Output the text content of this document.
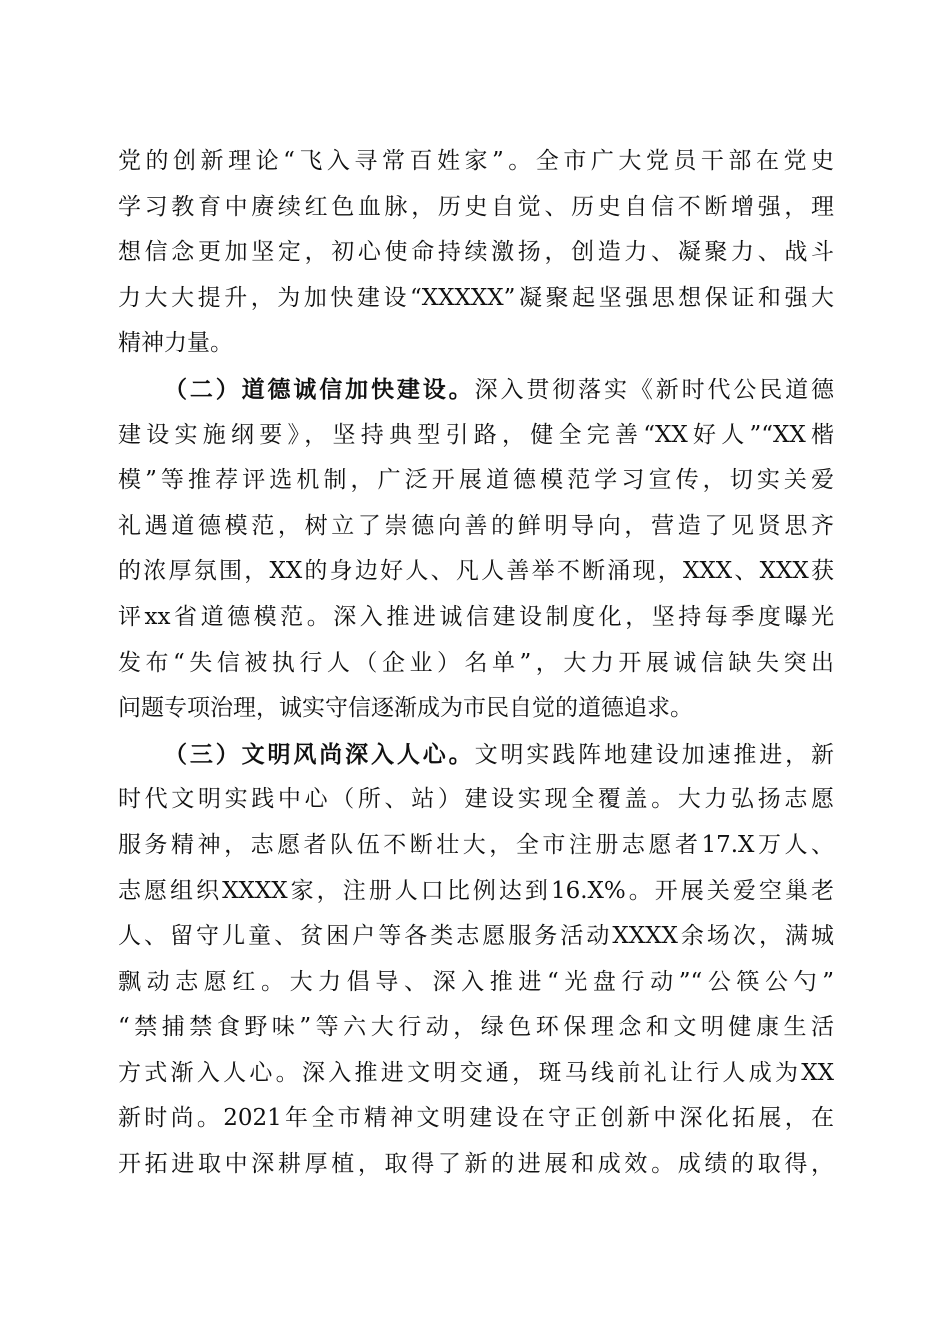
党的创新理论“飞入寻常百姓家”。全市广大党员干部在党史
学习教育中赓续红色血脉，历史自觉、历史自信不断增强，理
想信念更加坚定，初心使命持续激扬，创造力、凝聚力、战斗
力大大提升，为加快建设“XXXXX”凝聚起坚强思想保证和强大
精神力量。
（二）道德诚信加快建设。深入贯彻落实《新时代公民道德
建设实施纲要》，坚持典型引路，健全完善“XX好人”“XX楷
模”等推荐评选机制，广泛开展道德模范学习宣传，切实关爱
礼遇道德模范，树立了崇德向善的鲜明导向，营造了见贤思齐
的浓厚氛围，XX的身边好人、凡人善举不断涌现，XXX、XXX获
评xx省道德模范。深入推进诚信建设制度化，坚持每季度曝光
发布“失信被执行人（企业）名单”，大力开展诚信缺失突出
问题专项治理，诚实守信逐渐成为市民自觉的道德追求。
（三）文明风尚深入人心。文明实践阵地建设加速推进，新
时代文明实践中心（所、站）建设实现全覆盖。大力弘扬志愿
服务精神，志愿者队伍不断壮大，全市注册志愿者17.X万人、
志愿组织XXXX家，注册人口比例达到16.X%。开展关爱空巢老
人、留守儿童、贫困户等各类志愿服务活动XXXX余场次，满城
飘动志愿红。大力倡导、深入推进“光盘行动”“公筷公勺”
“禁捕禁食野味”等六大行动，绿色环保理念和文明健康生活
方式渐入人心。深入推进文明交通，斑马线前礼让行人成为XX
新时尚。2021年全市精神文明建设在守正创新中深化拓展，在
开拓进取中深耕厚植，取得了新的进展和成效。成绩的取得，
